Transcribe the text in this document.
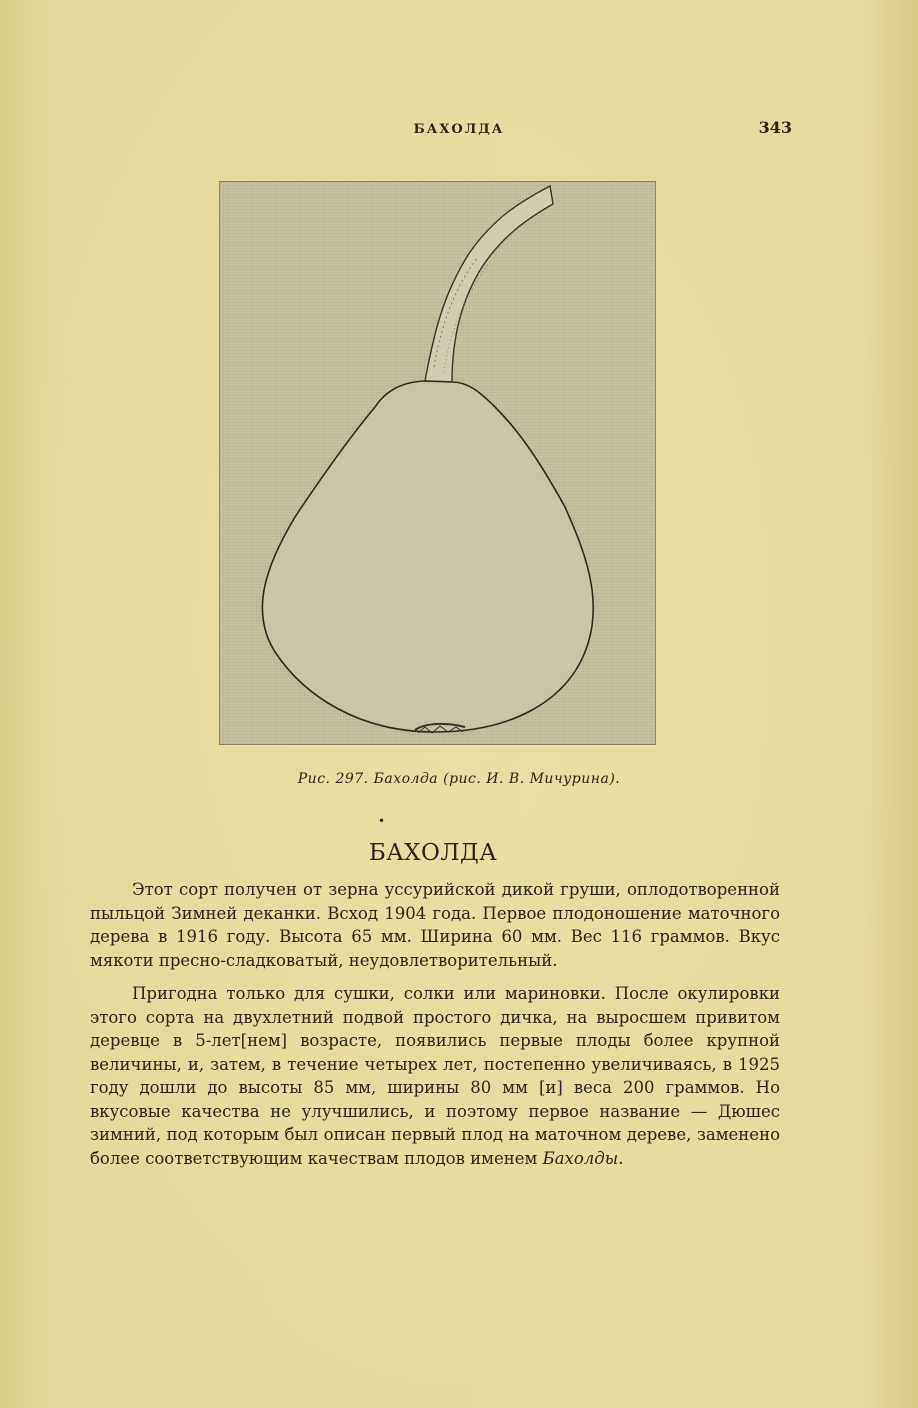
БАХОЛДА	343
Рис. 297. Бахолда (рис. И. В. Мичурина).
•
БАХОЛДА

Этот сорт получен от зерна уссурийской дикой груши, оплодотворенной пыльцой Зимней деканки. Всход 1904 года. Первое плодоношение маточного дерева в 1916 году. Высота 65 мм. Ширина 60 мм. Вес 116 граммов. Вкус мякоти пресно-сладковатый, неудовлетворительный.

Пригодна только для сушки, солки или мариновки. После окулировки этого сорта на двухлетний подвой простого дичка, на выросшем привитом деревце в 5-лет[нем] возрасте, появились первые плоды более крупной величины, и, затем, в течение четырех лет, постепенно увеличиваясь, в 1925 году дошли до высоты 85 мм, ширины 80 мм [и] веса 200 граммов. Но вкусовые качества не улучшились, и поэтому первое название — Дюшес зимний, под которым был описан первый плод на маточном дереве, заменено более соответствующим качествам плодов именем Бахолды.
